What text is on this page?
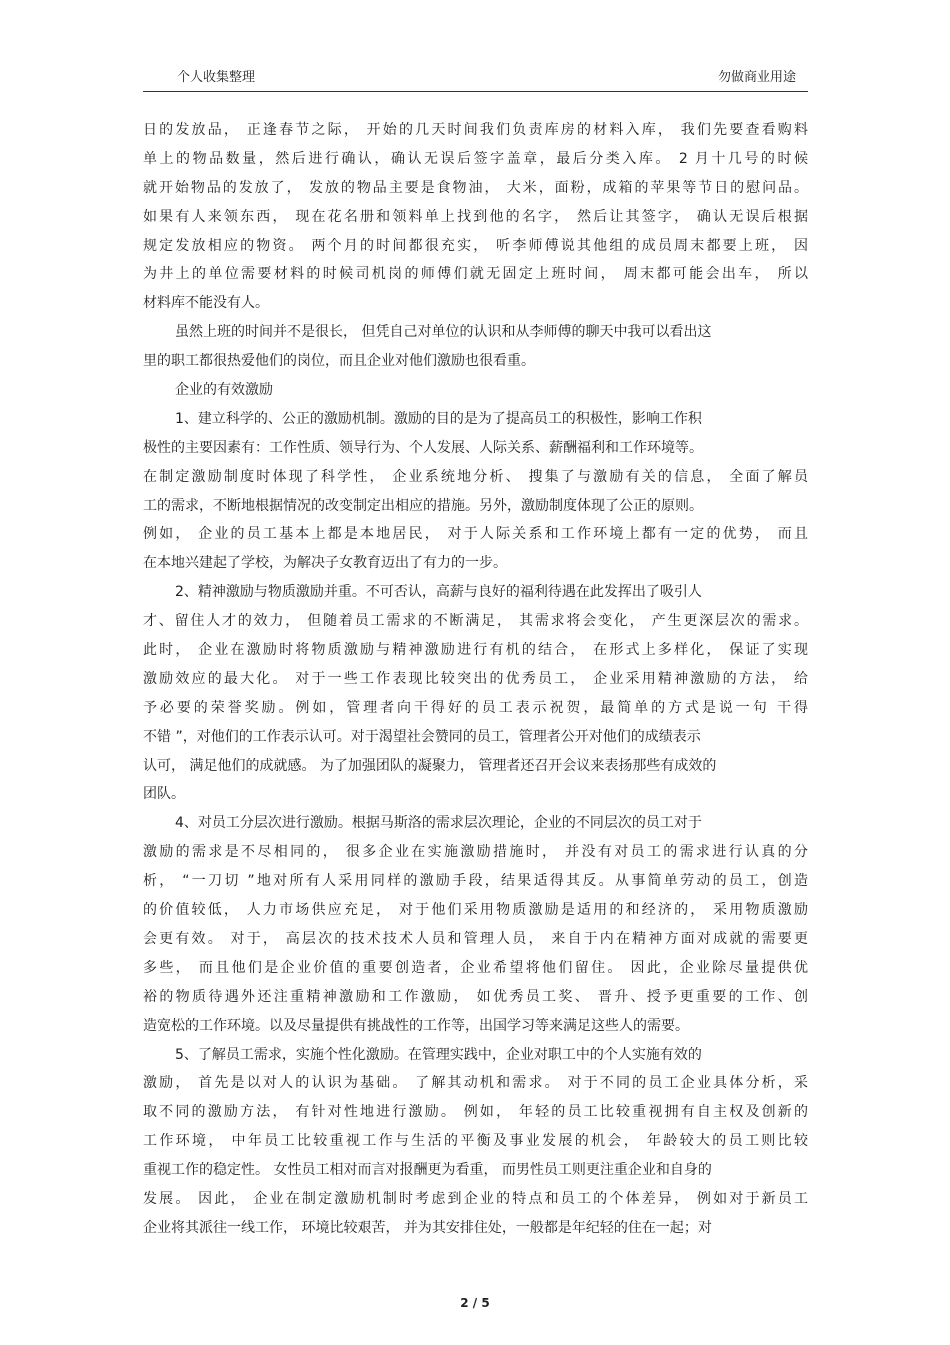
个人收集整理	勿做商业用途
日的发放品， 正逢春节之际， 开始的几天时间我们负责库房的材料入库， 我们先要查看购料
单上的物品数量，然后进行确认，确认无误后签字盖章，最后分类入库。 2 月十几号的时候
就开始物品的发放了， 发放的物品主要是食物油， 大米，面粉，成箱的苹果等节日的慰问品。
如果有人来领东西， 现在花名册和领料单上找到他的名字， 然后让其签字， 确认无误后根据
规定发放相应的物资。 两个月的时间都很充实， 听李师傅说其他组的成员周末都要上班， 因
为井上的单位需要材料的时候司机岗的师傅们就无固定上班时间， 周末都可能会出车， 所以
材料库不能没有人。
虽然上班的时间并不是很长， 但凭自己对单位的认识和从李师傅的聊天中我可以看出这
里的职工都很热爱他们的岗位，而且企业对他们激励也很看重。
企业的有效激励
1、建立科学的、公正的激励机制。激励的目的是为了提高员工的积极性，影响工作积
极性的主要因素有：工作性质、领导行为、个人发展、人际关系、薪酬福利和工作环境等。
在制定激励制度时体现了科学性， 企业系统地分析、 搜集了与激励有关的信息， 全面了解员
工的需求，不断地根据情况的改变制定出相应的措施。另外，激励制度体现了公正的原则。
例如， 企业的员工基本上都是本地居民， 对于人际关系和工作环境上都有一定的优势， 而且
在本地兴建起了学校，为解决子女教育迈出了有力的一步。
2、精神激励与物质激励并重。不可否认，高薪与良好的福利待遇在此发挥出了吸引人
才、留住人才的效力， 但随着员工需求的不断满足， 其需求将会变化， 产生更深层次的需求。
此时， 企业在激励时将物质激励与精神激励进行有机的结合， 在形式上多样化， 保证了实现
激励效应的最大化。 对于一些工作表现比较突出的优秀员工， 企业采用精神激励的方法， 给
予必要的荣誉奖励。例如，管理者向干得好的员工表示祝贺，最简单的方式是说一句 干得
不错 ”，对他们的工作表示认可。对于渴望社会赞同的员工，管理者公开对他们的成绩表示
认可， 满足他们的成就感。 为了加强团队的凝聚力， 管理者还召开会议来表扬那些有成效的
团队。
4、对员工分层次进行激励。根据马斯洛的需求层次理论，企业的不同层次的员工对于
激励的需求是不尽相同的， 很多企业在实施激励措施时， 并没有对员工的需求进行认真的分
析， “一刀切 ”地对所有人采用同样的激励手段，结果适得其反。从事简单劳动的员工，创造
的价值较低， 人力市场供应充足， 对于他们采用物质激励是适用的和经济的， 采用物质激励
会更有效。 对于， 高层次的技术技术人员和管理人员， 来自于内在精神方面对成就的需要更
多些， 而且他们是企业价值的重要创造者，企业希望将他们留住。 因此，企业除尽量提供优
裕的物质待遇外还注重精神激励和工作激励， 如优秀员工奖、 晋升、授予更重要的工作、创
造宽松的工作环境。以及尽量提供有挑战性的工作等，出国学习等来满足这些人的需要。
5、了解员工需求，实施个性化激励。在管理实践中，企业对职工中的个人实施有效的
激励， 首先是以对人的认识为基础。 了解其动机和需求。 对于不同的员工企业具体分析，采
取不同的激励方法， 有针对性地进行激励。 例如， 年轻的员工比较重视拥有自主权及创新的
工作环境， 中年员工比较重视工作与生活的平衡及事业发展的机会， 年龄较大的员工则比较
重视工作的稳定性。 女性员工相对而言对报酬更为看重， 而男性员工则更注重企业和自身的
发展。 因此， 企业在制定激励机制时考虑到企业的特点和员工的个体差异， 例如对于新员工
企业将其派往一线工作， 环境比较艰苦， 并为其安排住处，一般都是年纪轻的住在一起；对
2 / 5
